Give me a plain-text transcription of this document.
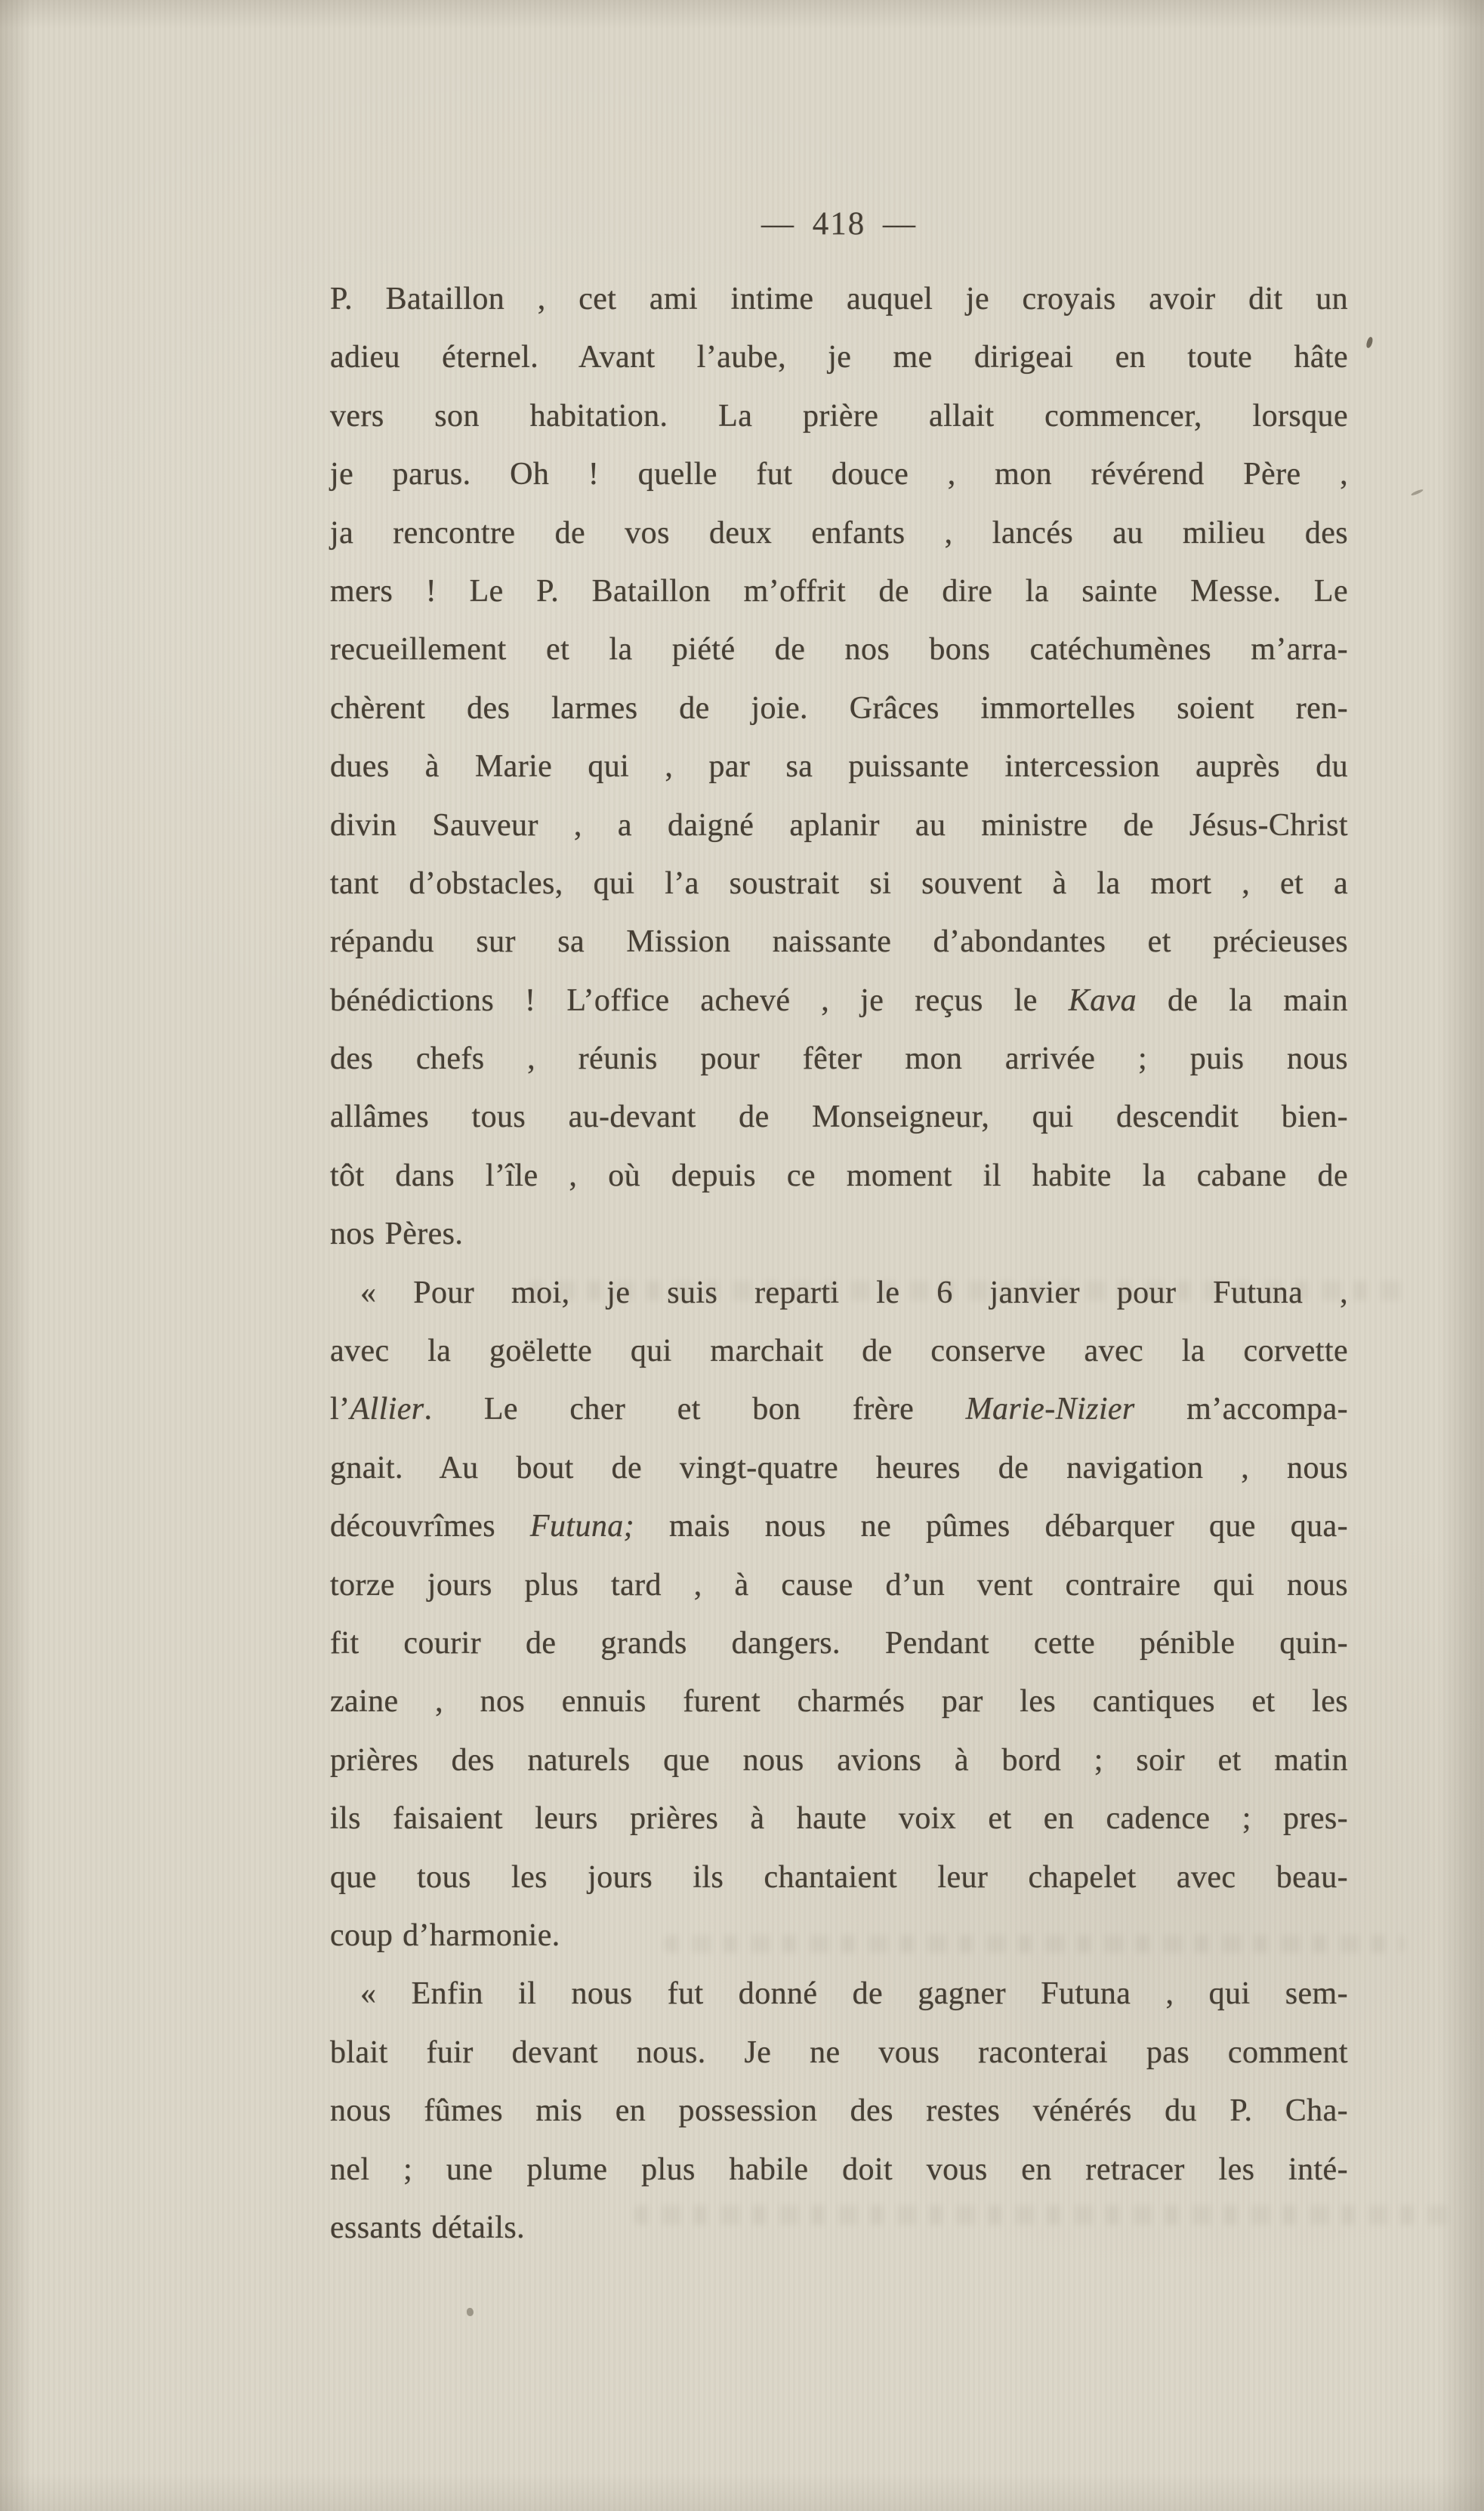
— 418 —
P. Bataillon , cet ami intime auquel je croyais avoir dit un
adieu éternel. Avant l’aube, je me dirigeai en toute hâte
vers son habitation. La prière allait commencer, lorsque
je parus. Oh ! quelle fut douce , mon révérend Père ,
ja rencontre de vos deux enfants , lancés au milieu des
mers ! Le P. Bataillon m’offrit de dire la sainte Messe. Le
recueillement et la piété de nos bons catéchumènes m’arra-
chèrent des larmes de joie. Grâces immortelles soient ren-
dues à Marie qui , par sa puissante intercession auprès du
divin Sauveur , a daigné aplanir au ministre de Jésus-Christ
tant d’obstacles, qui l’a soustrait si souvent à la mort , et a
répandu sur sa Mission naissante d’abondantes et précieuses
bénédictions ! L’office achevé , je reçus le Kava de la main
des chefs , réunis pour fêter mon arrivée ; puis nous
allâmes tous au-devant de Monseigneur, qui descendit bien-
tôt dans l’île , où depuis ce moment il habite la cabane de
nos Pères.
« Pour moi, je suis reparti le 6 janvier pour Futuna ,
avec la goëlette qui marchait de conserve avec la corvette
l’Allier. Le cher et bon frère Marie-Nizier m’accompa-
gnait. Au bout de vingt-quatre heures de navigation , nous
découvrîmes Futuna; mais nous ne pûmes débarquer que qua-
torze jours plus tard , à cause d’un vent contraire qui nous
fit courir de grands dangers. Pendant cette pénible quin-
zaine , nos ennuis furent charmés par les cantiques et les
prières des naturels que nous avions à bord ; soir et matin
ils faisaient leurs prières à haute voix et en cadence ; pres-
que tous les jours ils chantaient leur chapelet avec beau-
coup d’harmonie.
« Enfin il nous fut donné de gagner Futuna , qui sem-
blait fuir devant nous. Je ne vous raconterai pas comment
nous fûmes mis en possession des restes vénérés du P. Cha-
nel ; une plume plus habile doit vous en retracer les inté-
essants détails.
